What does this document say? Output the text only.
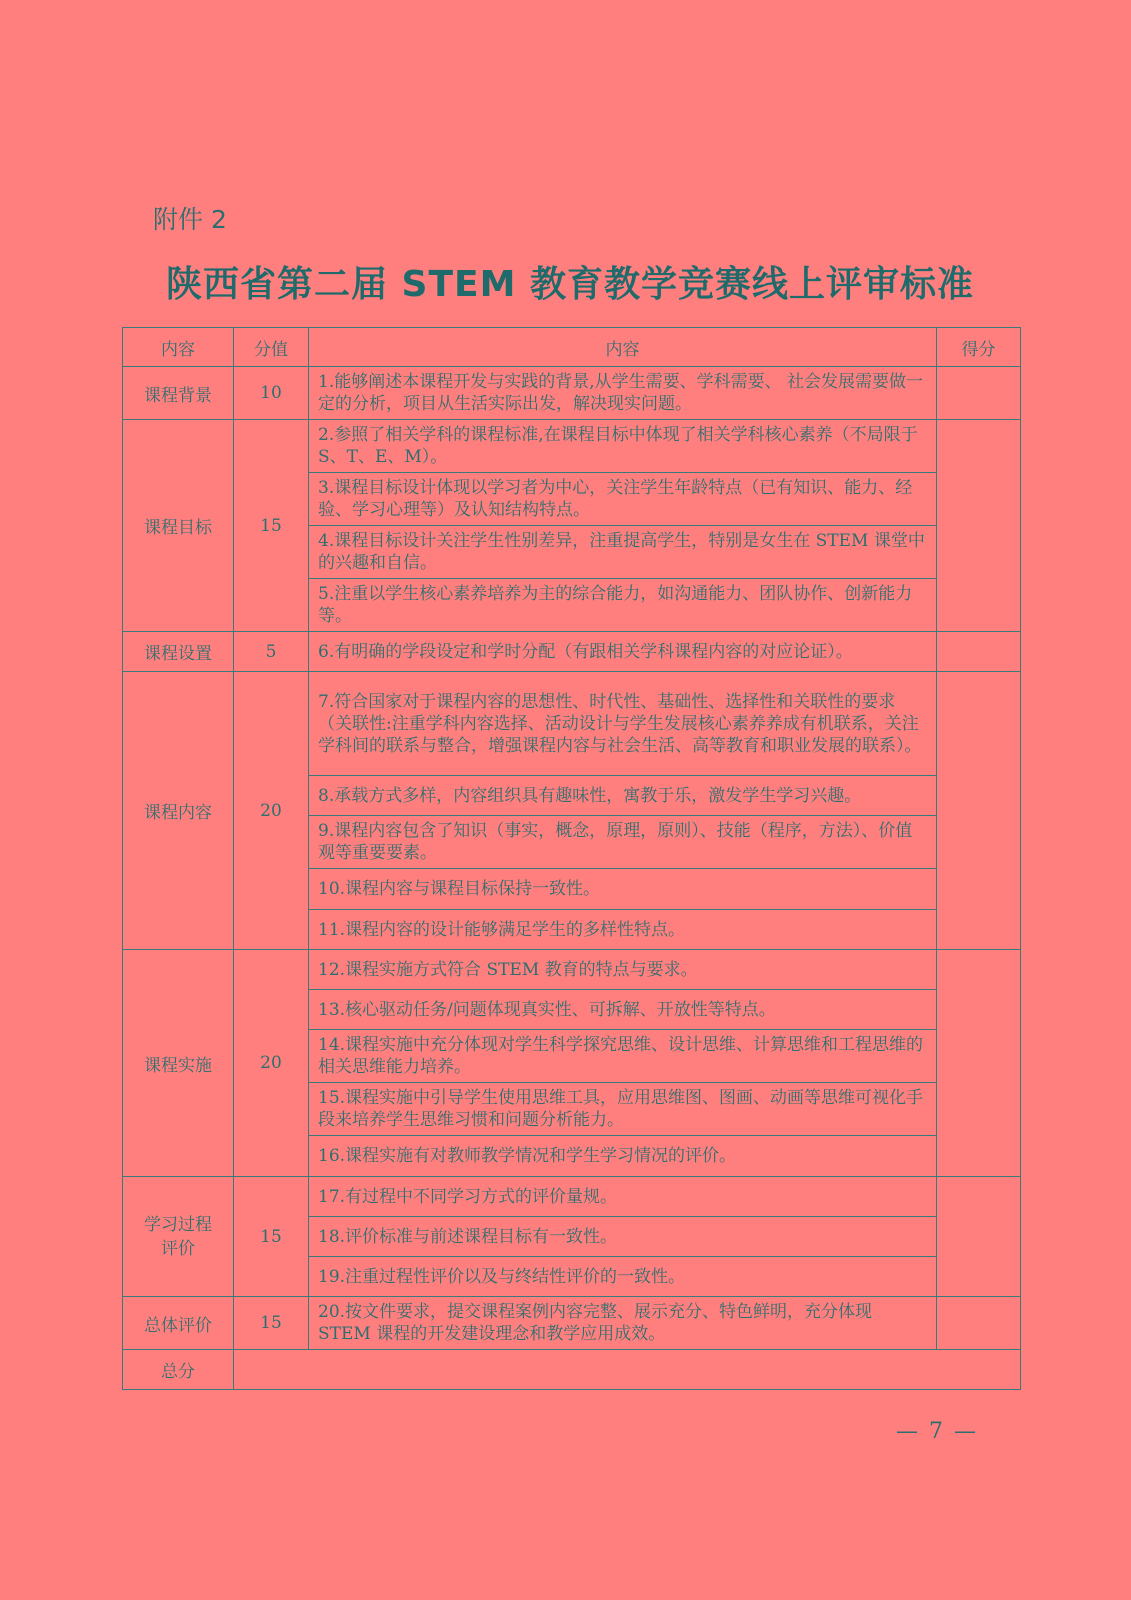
附件 2
陕西省第二届 STEM 教育教学竞赛线上评审标准
内容	分值	内容	得分
课程背景	10	1.能够阐述本课程开发与实践的背景,从学生需要、学科需要、 社会发展需要做一定的分析，项目从生活实际出发，解决现实问题。	
课程目标	15	2.参照了相关学科的课程标准,在课程目标中体现了相关学科核心素养（不局限于 S、T、E、M）。	
		3.课程目标设计体现以学习者为中心，关注学生年龄特点（已有知识、能力、经验、学习心理等）及认知结构特点。	
		4.课程目标设计关注学生性别差异，注重提高学生，特别是女生在 STEM 课堂中的兴趣和自信。	
		5.注重以学生核心素养培养为主的综合能力，如沟通能力、团队协作、创新能力等。	
课程设置	5	6.有明确的学段设定和学时分配（有跟相关学科课程内容的对应论证）。	
课程内容	20	7.符合国家对于课程内容的思想性、时代性、基础性、选择性和关联性的要求（关联性:注重学科内容选择、活动设计与学生发展核心素养养成有机联系，关注学科间的联系与整合，增强课程内容与社会生活、高等教育和职业发展的联系）。	
		8.承载方式多样，内容组织具有趣味性，寓教于乐，激发学生学习兴趣。	
		9.课程内容包含了知识（事实，概念，原理，原则）、技能（程序，方法）、价值观等重要要素。	
		10.课程内容与课程目标保持一致性。	
		11.课程内容的设计能够满足学生的多样性特点。	
课程实施	20	12.课程实施方式符合 STEM 教育的特点与要求。	
		13.核心驱动任务/问题体现真实性、可拆解、开放性等特点。	
		14.课程实施中充分体现对学生科学探究思维、设计思维、计算思维和工程思维的相关思维能力培养。	
		15.课程实施中引导学生使用思维工具，应用思维图、图画、动画等思维可视化手段来培养学生思维习惯和问题分析能力。	
		16.课程实施有对教师教学情况和学生学习情况的评价。	
学习过程评价	15	17.有过程中不同学习方式的评价量规。	
		18.评价标准与前述课程目标有一致性。	
		19.注重过程性评价以及与终结性评价的一致性。	
总体评价	15	20.按文件要求，提交课程案例内容完整、展示充分、特色鲜明，充分体现 STEM 课程的开发建设理念和教学应用成效。	
总分			
— 7 —
